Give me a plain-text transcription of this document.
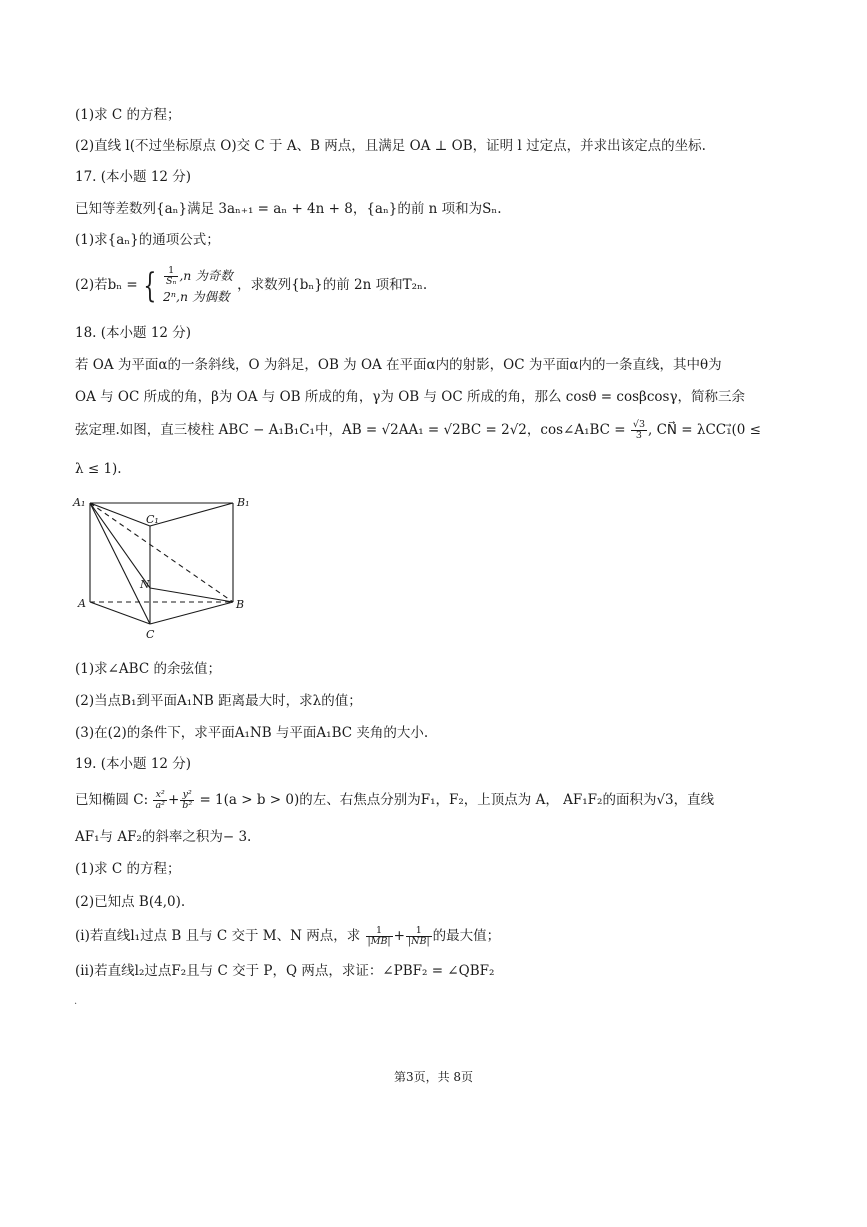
(1)求 C 的方程；
(2)直线 l(不过坐标原点 O)交 C 于 A、B 两点，且满足 OA ⊥ OB，证明 l 过定点，并求出该定点的坐标.
17. (本小题 12 分)
已知等差数列{aₙ}满足 3aₙ₊₁ = aₙ + 4n + 8，{aₙ}的前 n 项和为Sₙ.
(1)求{aₙ}的通项公式；
(2)若bₙ = { $\frac{1}{\text{Sₙ}} ,n$ 为奇数
2ⁿ,n 为偶数
，求数列{bₙ}的前 2n 项和T₂ₙ.
18. (本小题 12 分)
若 OA 为平面α的一条斜线，O 为斜足，OB 为 OA 在平面α内的射影，OC 为平面α内的一条直线，其中θ为
OA 与 OC 所成的角，β为 OA 与 OB 所成的角，γ为 OB 与 OC 所成的角，那么 cosθ = cosβcosγ，简称三余
弦定理.如图，直三棱柱 ABC − A₁B₁C₁中，AB = √2AA₁ = √2BC = 2√2，cos∠A₁BC = $\frac{√3}{3}$ , CN⃗ = λCC₁⃗(0 ≤
λ ≤ 1).
A₁	B₁
C₁
A	B
C
N
(1)求∠ABC 的余弦值；
(2)当点B₁到平面A₁NB 距离最大时，求λ的值；
(3)在(2)的条件下，求平面A₁NB 与平面A₁BC 夹角的大小.
19. (本小题 12 分)
已知椭圆 C: $\frac{\text{x²}}{\text{a²}} + \frac{\text{y²}}{\text{b²}} = 1(a > b > 0)$的左、右焦点分别为F₁，F₂，上顶点为 A， AF₁F₂的面积为√3，直线
AF₁与 AF₂的斜率之积为− 3.
(1)求 C 的方程；
(2)已知点 B(4,0).
(ⅰ)若直线l₁过点 B 且与 C 交于 M、N 两点，求 $\frac{1}{|MB|} + \frac{1}{|NB|}$ 的最大值；
(ⅱ)若直线l₂过点F₂且与 C 交于 P，Q 两点，求证：∠PBF₂ = ∠QBF₂
.
第3页，共 8页
